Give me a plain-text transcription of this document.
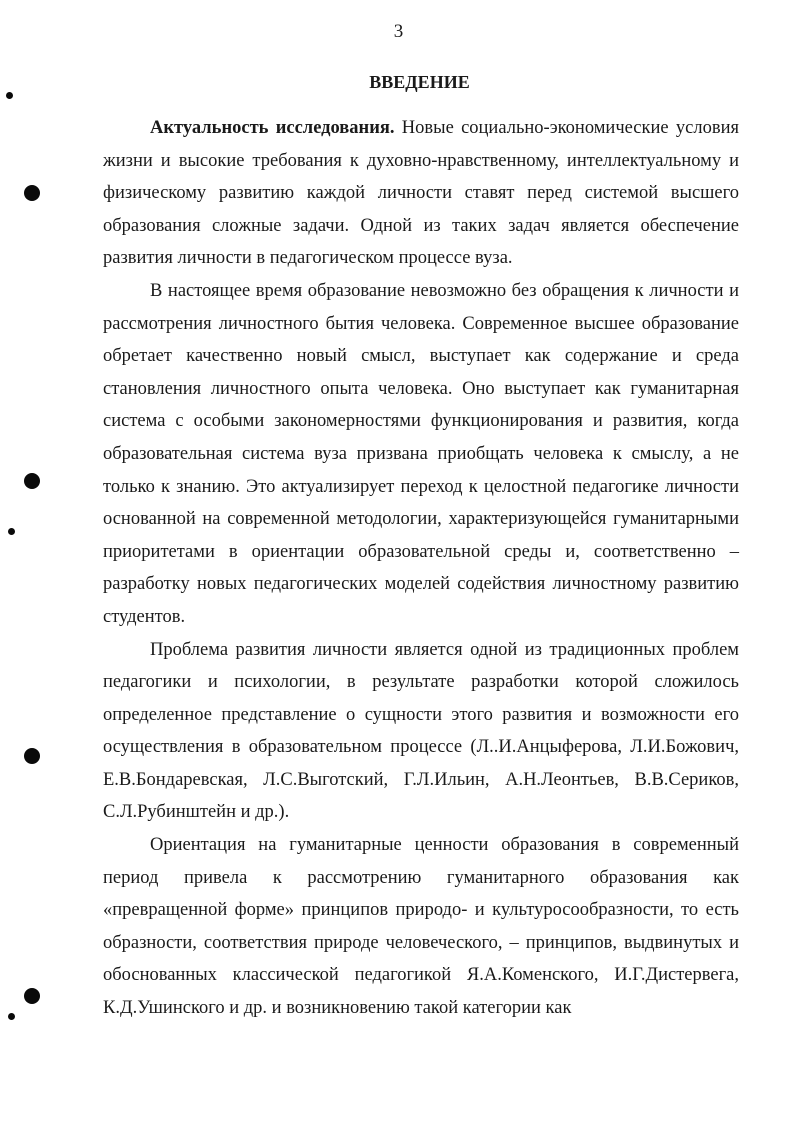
3
ВВЕДЕНИЕ

Актуальность исследования. Новые социально-экономические условия жизни и высокие требования к духовно-нравственному, интеллектуальному и физическому развитию каждой личности ставят перед системой высшего образования сложные задачи. Одной из таких задач является обеспечение развития личности в педагогическом процессе вуза.

В настоящее время образование невозможно без обращения к личности и рассмотрения личностного бытия человека. Современное высшее образование обретает качественно новый смысл, выступает как содержание и среда становления личностного опыта человека. Оно выступает как гуманитарная система с особыми закономерностями функционирования и развития, когда образовательная система вуза призвана приобщать человека к смыслу, а не только к знанию. Это актуализирует переход к целостной педагогике личности основанной на современной методологии, характеризующейся гуманитарными приоритетами в ориентации образовательной среды и, соответственно – разработку новых педагогических моделей содействия личностному развитию студентов.

Проблема развития личности является одной из традиционных проблем педагогики и психологии, в результате разработки которой сложилось определенное представление о сущности этого развития и возможности его осуществления в образовательном процессе (Л..И.Анцыферова, Л.И.Божович, Е.В.Бондаревская, Л.С.Выготский, Г.Л.Ильин, А.Н.Леонтьев, В.В.Сериков, С.Л.Рубинштейн и др.).

Ориентация на гуманитарные ценности образования в современный период привела к рассмотрению гуманитарного образования как «превращенной форме» принципов природо- и культуросообразности, то есть образности, соответствия природе человеческого, – принципов, выдвинутых и обоснованных классической педагогикой Я.А.Коменского, И.Г.Дистервега, К.Д.Ушинского и др. и возникновению такой категории как
